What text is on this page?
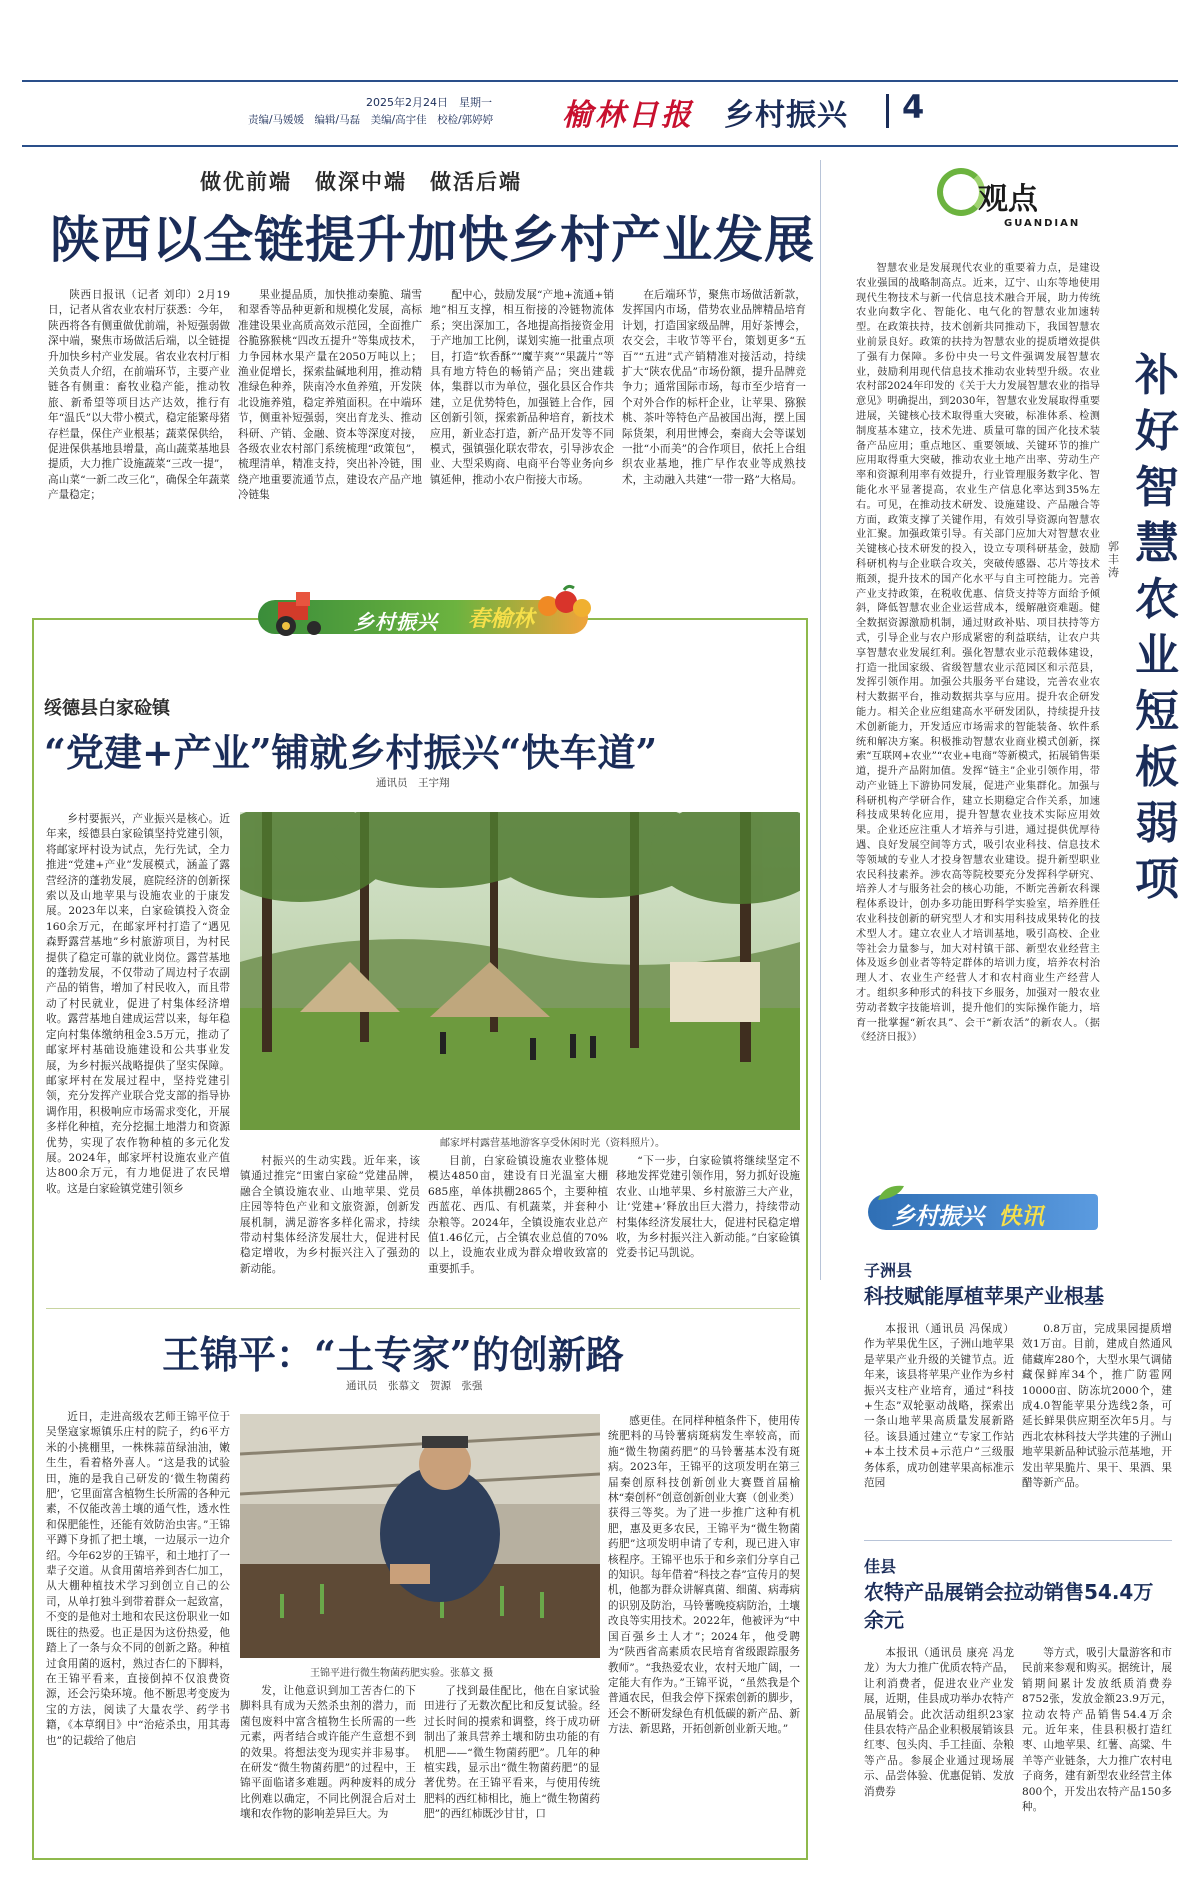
2025年2月24日　星期一
责编/马媛媛　编辑/马磊　美编/高宇佳　校检/郭婷婷 榆林日报 乡村振兴 4
做优前端　做深中端　做活后端
陕西以全链提升加快乡村产业发展

陕西日报讯（记者 刘印）2月19日，记者从省农业农村厅获悉：今年，陕西将各有侧重做优前端，补短强弱做深中端，聚焦市场做活后端，以全链提升加快乡村产业发展。省农业农村厅相关负责人介绍，在前端环节，主要产业链各有侧重：畜牧业稳产能，推动牧旅、新希望等项目达产达效，推行有年“温氏”以大带小模式，稳定能繁母猪存栏量，保住产业根基；蔬菜保供给，促进保供基地县增量，高山蔬菜基地县提质，大力推广设施蔬菜“三改一提”，高山菜“一新二改三化”，确保全年蔬菜产量稳定；

果业提品质，加快推动秦脆、瑞雪和翠香等品种更新和规模化发展，高标准建设果业高质高效示范园，全面推广谷脆猕猴桃“四改五提升”等集成技术，力争园林水果产量在2050万吨以上；渔业促增长，探索盐碱地利用，推动精准绿色种养，陕南冷水鱼养殖，开发陕北设施养殖，稳定养殖面积。在中端环节，侧重补短强弱，突出育龙头、推动科研、产销、金融、资本等深度对接，各级农业农村部门系统梳理“政策包”，梳理清单，精准支持，突出补冷链，围绕产地重要流通节点，建设农产品产地冷链集

配中心，鼓励发展“产地+流通+销地”相互支撑，相互衔接的冷链物流体系；突出深加工，各地提高指接资金用于产地加工比例，谋划实施一批重点项目，打造“软香酥”“魔芋爽”“果蔬片”等具有地方特色的畅销产品；突出建载体，集群以市为单位，强化县区合作共建，立足优势特色，加强链上合作，园区创新引领，探索新品种培育，新技术应用，新业态打造，新产品开发等不同模式，强镇强化联农带农，引导涉农企业、大型采购商、电商平台等业务向乡镇延伸，推动小农户衔接大市场。

在后端环节，聚焦市场做活新款，发挥国内市场，借势农业品牌精品培育计划，打造国家级品牌，用好茶博会，农交会，丰收节等平台，策划更多“五百”“五进”式产销精准对接活动，持续扩大“陕农优品”市场份额，提升品牌竞争力；通常国际市场，每市至少培育一个对外合作的标杆企业，让苹果、猕猴桃、茶叶等特色产品被国出海，摆上国际货架，利用世博会，秦商大会等谋划一批“小而美”的合作项目，依托上合组织农业基地，推广早作农业等成熟技术，主动融入共建“一带一路”大格局。

观点
GUANDIAN

智慧农业是发展现代农业的重要着力点，是建设农业强国的战略制高点。近来，辽宁、山东等地使用现代生物技术与新一代信息技术融合开展，助力传统农业向数字化、智能化、电气化的智慧农业加速转型。在政策扶持，技术创新共同推动下，我国智慧农业前景良好。政策的扶持为智慧农业的提质增效提供了强有力保障。多份中央一号文件强调发展智慧农业，鼓励利用现代信息技术推动农业转型升级。农业农村部2024年印发的《关于大力发展智慧农业的指导意见》明确提出，到2030年，智慧农业发展取得重要进展，关键核心技术取得重大突破，标准体系、检测制度基本建立，技术先进、质量可靠的国产化技术装备产品应用；重点地区、重要领域、关键环节的推广应用取得重大突破，推动农业土地产出率、劳动生产率和资源利用率有效提升，行业管理服务数字化、智能化水平显著提高，农业生产信息化率达到35%左右。可见，在推动技术研发、设施建设、产品融合等方面，政策支撑了关键作用，有效引导资源向智慧农业汇聚。加强政策引导。有关部门应加大对智慧农业关键核心技术研发的投入，设立专项科研基金，鼓励科研机构与企业联合攻关，突破传感器、芯片等技术瓶颈，提升技术的国产化水平与自主可控能力。完善产业支持政策，在税收优惠、信贷支持等方面给予倾斜，降低智慧农业企业运营成本，缓解融资难题。健全数据资源激励机制，通过财政补贴、项目扶持等方式，引导企业与农户形成紧密的利益联结，让农户共享智慧农业发展红利。强化智慧农业示范载体建设，打造一批国家级、省级智慧农业示范园区和示范县，发挥引领作用。加强公共服务平台建设，完善农业农村大数据平台，推动数据共享与应用。提升农企研发能力。相关企业应组建高水平研发团队，持续提升技术创新能力，开发适应市场需求的智能装备、软件系统和解决方案。积极推动智慧农业商业模式创新，探索“互联网+农业”“农业+电商”等新模式，拓展销售渠道，提升产品附加值。发挥“链主”企业引领作用，带动产业链上下游协同发展，促进产业集群化。加强与科研机构产学研合作，建立长期稳定合作关系，加速科技成果转化应用，提升智慧农业技术实际应用效果。企业还应注重人才培养与引进，通过提供优厚待遇、良好发展空间等方式，吸引农业科技、信息技术等领域的专业人才投身智慧农业建设。提升新型职业农民科技素养。涉农高等院校要充分发挥科学研究、培养人才与服务社会的核心功能，不断完善新农科课程体系设计，创办多功能田野科学实验室，培养胜任农业科技创新的研究型人才和实用科技成果转化的技术型人才。建立农业人才培训基地，吸引高校、企业等社会力量参与，加大对村镇干部、新型农业经营主体及返乡创业者等特定群体的培训力度，培养农村治理人才、农业生产经营人才和农村商业生产经营人才。组织多种形式的科技下乡服务，加强对一般农业劳动者数字技能培训，提升他们的实际操作能力，培育一批掌握“新农具”、会干“新农活”的新农人。（据《经济日报》）

补好智慧农业短板弱项
郭丰涛
乡村振兴 春榆林
绥德县白家硷镇
“党建+产业”铺就乡村振兴“快车道”
通讯员　王宇翔

乡村要振兴，产业振兴是核心。近年来，绥德县白家硷镇坚持党建引领，将邮家坪村设为试点，先行先试，全力推进“党建+产业”发展模式，涵盖了露营经济的蓬勃发展，庭院经济的创新探索以及山地苹果与设施农业的于康发展。2023年以来，白家硷镇投入资金160余万元，在邮家坪村打造了“遇见森野露营基地”乡村旅游项目，为村民提供了稳定可靠的就业岗位。露营基地的蓬勃发展，不仅带动了周边村子农副产品的销售，增加了村民收入，而且带动了村民就业，促进了村集体经济增收。露营基地自建成运营以来，每年稳定向村集体缴纳租金3.5万元，推动了邮家坪村基础设施建设和公共事业发展，为乡村振兴战略提供了坚实保障。邮家坪村在发展过程中，坚持党建引领，充分发挥产业联合党支部的指导协调作用，积极响应市场需求变化，开展多样化种植，充分挖掘土地潜力和资源优势，实现了农作物种植的多元化发展。2024年，邮家坪村设施农业产值达800余万元，有力地促进了农民增收。这是白家硷镇党建引领乡

邮家坪村露营基地游客享受休闲时光（资料照片）。

村振兴的生动实践。近年来，该镇通过推完“田蜜白家硷”党建品牌，融合全镇设施农业、山地苹果、党员庄园等特色产业和文旅资源，创新发展机制，满足游客多样化需求，持续带动村集体经济发展壮大，促进村民稳定增收，为乡村振兴注入了强劲的新动能。

目前，白家硷镇设施农业整体规模达4850亩，建设有日光温室大棚685座，单体拱棚2865个，主要种植西蓝花、西瓜、有机蔬菜，并套种小杂粮等。2024年，全镇设施农业总产值1.46亿元，占全镇农业总值的70%以上，设施农业成为群众增收致富的重要抓手。

“下一步，白家硷镇将继续坚定不移地发挥党建引领作用，努力抓好设施农业、山地苹果、乡村旅游三大产业，让‘党建+’释放出巨大潜力，持续带动村集体经济发展壮大，促进村民稳定增收，为乡村振兴注入新动能。”白家硷镇党委书记马凯说。

王锦平：“土专家”的创新路
通讯员　张慕文　贺源　张强

近日，走进高级农艺师王锦平位于吴堡寇家塬镇乐庄村的院子，约6平方米的小挑棚里，一株株蒜苗绿油油，嫩生生，看着格外喜人。“这是我的试验田，施的是我自己研发的‘微生物菌药肥’，它里面富含植物生长所需的各种元素，不仅能改善土壤的通气性，透水性和保肥能性，还能有效防治虫害。”王锦平蹲下身抓了把土壤，一边展示一边介绍。今年62岁的王锦平，和土地打了一辈子交道。从食用菌培养到杏仁加工，从大棚种植技术学习到创立自己的公司，从单打独斗到带着群众一起致富，不变的是他对土地和农民这份职业一如既往的热爱。也正是因为这份热爱，他踏上了一条与众不同的创新之路。种植过食用菌的返村，熟过杏仁的下脚料，在王锦平看来，直接倒掉不仅浪费资源，还会污染环境。他不断思考变废为宝的方法，阅读了大量农学、药学书籍，《本草纲目》中“治疮杀虫，用其毒也”的记载给了他启

王锦平进行微生物菌药肥实验。张慕文 摄

发，让他意识到加工苦杏仁的下脚料具有成为天然杀虫剂的潜力，而菌包废料中富含植物生长所需的一些元素，两者结合或许能产生意想不到的效果。将想法变为现实并非易事。在研发“微生物菌药肥”的过程中，王锦平面临诸多难题。两种废料的成分比例难以确定，不同比例混合后对土壤和农作物的影响差异巨大。为

了找到最佳配比，他在自家试验田进行了无数次配比和反复试验。经过长时间的摸索和调整，终于成功研制出了兼具营养土壤和防虫功能的有机肥——“微生物菌药肥”。几年的种植实践，显示出“微生物菌药肥”的显著优势。在王锦平看来，与使用传统肥料的西红柿相比，施上“微生物菌药肥”的西红柿既沙甘甘，口

感更佳。在同样种植条件下，使用传统肥料的马铃薯病斑病发生率较高，而施“微生物菌药肥”的马铃薯基本没有斑病。2023年，王锦平的这项发明在第三届秦创原科技创新创业大赛暨首届榆林“秦创杯”创意创新创业大赛（创业类）获得三等奖。为了进一步推广这种有机肥，惠及更多农民，王锦平为“微生物菌药肥”这项发明申请了专利，现已进入审核程序。王锦平也乐于和乡亲们分享自己的知识。每年借着“科技之春”宣传月的契机，他都为群众讲解真菌、细菌、病毒病的识别及防治，马铃薯晚疫病防治，土壤改良等实用技术。2022年，他被评为“中国百强乡土人才”；2024年，他受聘为“陕西省高素质农民培育省级跟踪服务教师”。“我热爱农业，农村天地广阔，一定能大有作为。”王锦平说，“虽然我是个普通农民，但我会停下探索创新的脚步，还会不断研发绿色有机低碳的新产品、新方法、新思路，开拓创新创业新天地。”

乡村振兴 快讯
子洲县
科技赋能厚植苹果产业根基

本报讯（通讯员 冯保成）作为苹果优生区，子洲山地苹果是苹果产业升级的关键节点。近年来，该县将苹果产业作为乡村振兴支柱产业培育，通过“科技+生态”双轮驱动战略，探索出一条山地苹果高质量发展新路径。该县通过建立“专家工作站+本土技术员+示范户”三级服务体系，成功创建苹果高标准示范园

0.8万亩，完成果园提质增效1万亩。目前，建成自然通风储藏库280个，大型水果气调储藏保鲜库34个，推广防雹网10000亩、防冻坑2000个，建成4.0智能苹果分选线2条，可延长鲜果供应期至次年5月。与西北农林科技大学共建的子洲山地苹果新品种试验示范基地，开发出苹果脆片、果干、果酒、果醋等新产品。

佳县
农特产品展销会拉动销售54.4万余元

本报讯（通讯员 康亮 冯龙龙）为大力推广优质农特产品，让利消费者，促进农业产业发展，近期，佳县成功举办农特产品展销会。此次活动组织23家佳县农特产品企业积极展销该县红枣、包头肉、手工挂面、杂粮等产品。参展企业通过现场展示、品尝体验、优惠促销、发放消费券

等方式，吸引大量游客和市民前来参观和购买。据统计，展销期间累计发放纸质消费券8752张，发放金额23.9万元，拉动农特产品销售54.4万余元。近年来，佳县积极打造红枣、山地苹果、红薯、高粱、牛羊等产业链条，大力推广农村电子商务，建有新型农业经营主体800个，开发出农特产品150多种。
